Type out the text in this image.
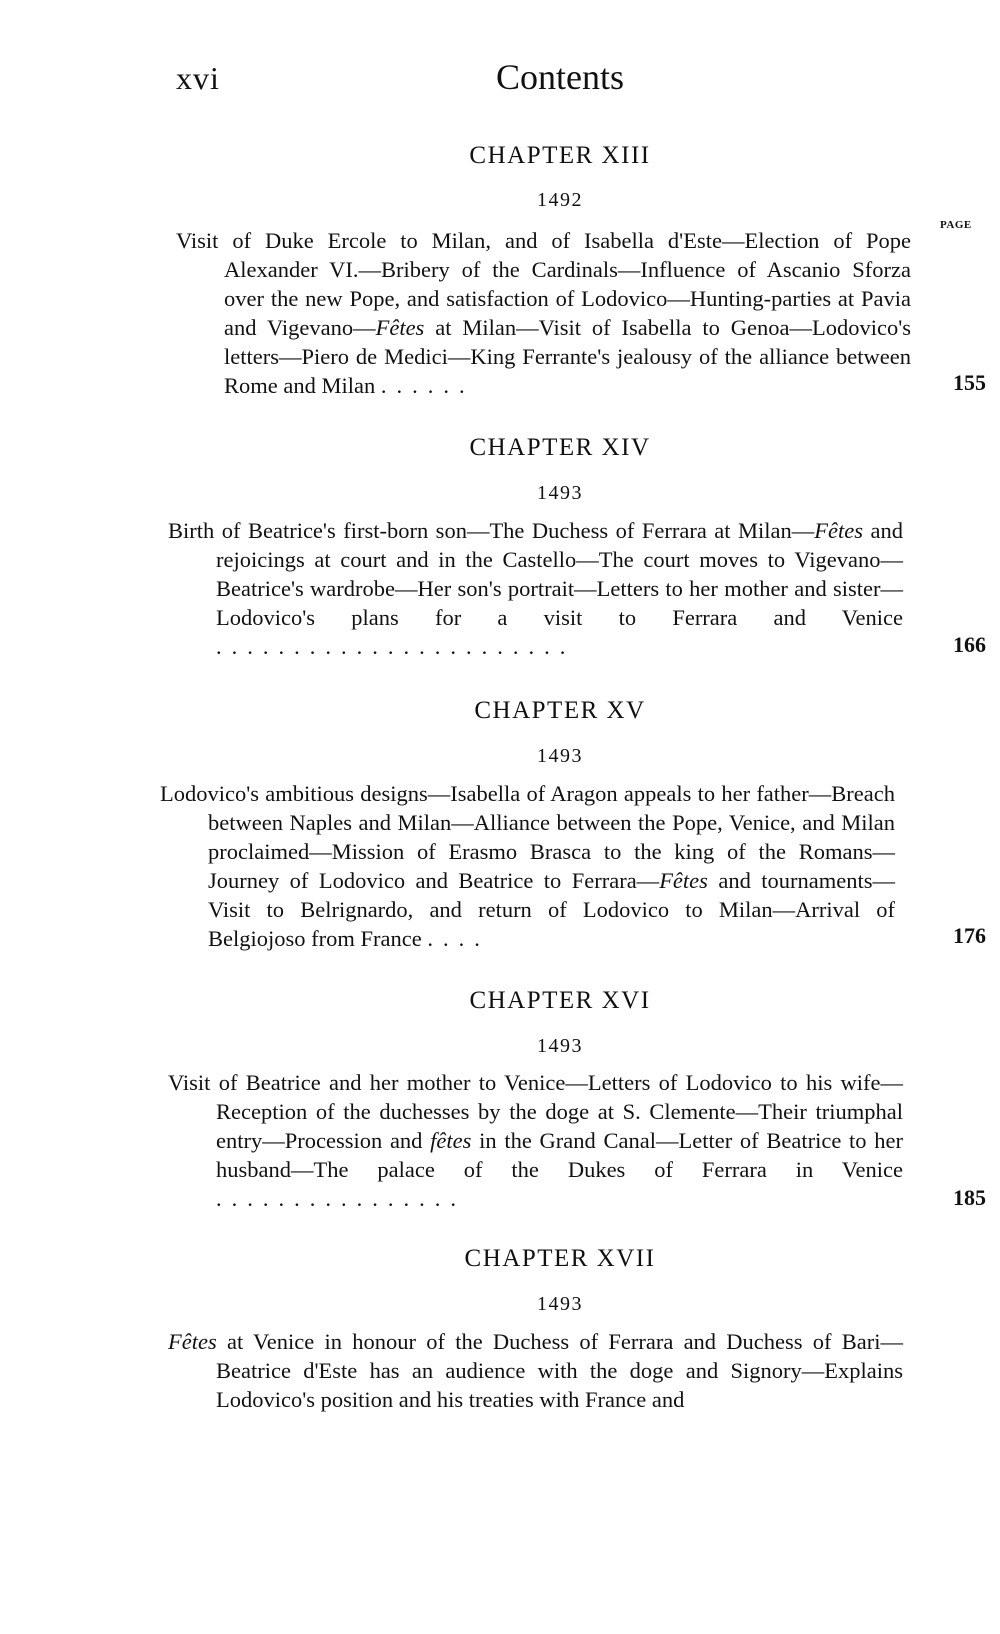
xvi	Contents
PAGE
CHAPTER XIII
1492
Visit of Duke Ercole to Milan, and of Isabella d'Este—Election of Pope Alexander VI.—Bribery of the Cardinals—Influence of Ascanio Sforza over the new Pope, and satisfaction of Lodovico—Hunting-parties at Pavia and Vigevano—Fêtes at Milan—Visit of Isabella to Genoa—Lodovico's letters—Piero de Medici—King Ferrante's jealousy of the alliance between Rome and Milan ......	155
CHAPTER XIV
1493
Birth of Beatrice's first-born son—The Duchess of Ferrara at Milan—Fêtes and rejoicings at court and in the Castello—The court moves to Vigevano—Beatrice's wardrobe—Her son's portrait—Letters to her mother and sister—Lodovico's plans for a visit to Ferrara and Venice .......................	166
CHAPTER XV
1493
Lodovico's ambitious designs—Isabella of Aragon appeals to her father—Breach between Naples and Milan—Alliance between the Pope, Venice, and Milan proclaimed—Mission of Erasmo Brasca to the king of the Romans—Journey of Lodovico and Beatrice to Ferrara—Fêtes and tournaments—Visit to Belrignardo, and return of Lodovico to Milan—Arrival of Belgiojoso from France ....	176
CHAPTER XVI
1493
Visit of Beatrice and her mother to Venice—Letters of Lodovico to his wife—Reception of the duchesses by the doge at S. Clemente—Their triumphal entry—Procession and fêtes in the Grand Canal—Letter of Beatrice to her husband—The palace of the Dukes of Ferrara in Venice ................	185
CHAPTER XVII
1493
Fêtes at Venice in honour of the Duchess of Ferrara and Duchess of Bari—Beatrice d'Este has an audience with the doge and Signory—Explains Lodovico's position and his treaties with France and
